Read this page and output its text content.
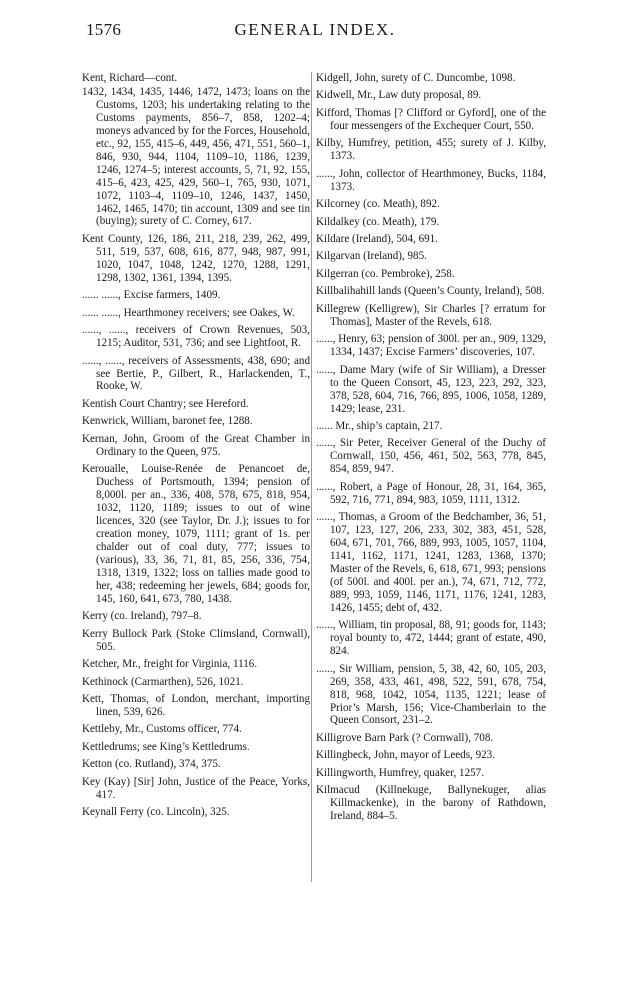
1576	GENERAL INDEX.

Kent, Richard—cont.

1432, 1434, 1435, 1446, 1472, 1473; loans on the Customs, 1203; his undertaking relating to the Customs payments, 856–7, 858, 1202–4; moneys advanced by for the Forces, Household, etc., 92, 155, 415–6, 449, 456, 471, 551, 560–1, 846, 930, 944, 1104, 1109–10, 1186, 1239, 1246, 1274–5; interest accounts, 5, 71, 92, 155, 415–6, 423, 425, 429, 560–1, 765, 930, 1071, 1072, 1103–4, 1109–10, 1246, 1437, 1450, 1462, 1465, 1470; tin account, 1309 and see tin (buying); surety of C. Corney, 617.

Kent County, 126, 186, 211, 218, 239, 262, 499, 511, 519, 537, 608, 616, 877, 948, 987, 991, 1020, 1047, 1048, 1242, 1270, 1288, 1291, 1298, 1302, 1361, 1394, 1395.

...... ......, Excise farmers, 1409.

...... ......, Hearthmoney receivers; see Oakes, W.

......, ......, receivers of Crown Revenues, 503, 1215; Auditor, 531, 736; and see Lightfoot, R.

......, ......, receivers of Assessments, 438, 690; and see Bertie, P., Gilbert, R., Harlackenden, T., Rooke, W.

Kentish Court Chantry; see Hereford.

Kenwrick, William, baronet fee, 1288.

Kernan, John, Groom of the Great Chamber in Ordinary to the Queen, 975.

Keroualle, Louise-Renée de Penancoet de, Duchess of Portsmouth, 1394; pension of 8,000l. per an., 336, 408, 578, 675, 818, 954, 1032, 1120, 1189; issues to out of wine licences, 320 (see Taylor, Dr. J.); issues to for creation money, 1079, 1111; grant of 1s. per chalder out of coal duty, 777; issues to (various), 33, 36, 71, 81, 85, 256, 336, 754, 1318, 1319, 1322; loss on tallies made good to her, 438; redeeming her jewels, 684; goods for, 145, 160, 641, 673, 780, 1438.

Kerry (co. Ireland), 797–8.

Kerry Bullock Park (Stoke Climsland, Cornwall), 505.

Ketcher, Mr., freight for Virginia, 1116.

Kethinock (Carmarthen), 526, 1021.

Kett, Thomas, of London, merchant, importing linen, 539, 626.

Kettleby, Mr., Customs officer, 774.

Kettledrums; see King’s Kettledrums.

Ketton (co. Rutland), 374, 375.

Key (Kay) [Sir] John, Justice of the Peace, Yorks, 417.

Keynall Ferry (co. Lincoln), 325.

Kidgell, John, surety of C. Duncombe, 1098.

Kidwell, Mr., Law duty proposal, 89.

Kifford, Thomas [? Clifford or Gyford], one of the four messengers of the Exchequer Court, 550.

Kilby, Humfrey, petition, 455; surety of J. Kilby, 1373.

......, John, collector of Hearthmoney, Bucks, 1184, 1373.

Kilcorney (co. Meath), 892.

Kildalkey (co. Meath), 179.

Kildare (Ireland), 504, 691.

Kilgarvan (Ireland), 985.

Kilgerran (co. Pembroke), 258.

Killbalihahill lands (Queen’s County, Ireland), 508.

Killegrew (Kelligrew), Sir Charles [? erratum for Thomas], Master of the Revels, 618.

......, Henry, 63; pension of 300l. per an., 909, 1329, 1334, 1437; Excise Farmers’ discoveries, 107.

......, Dame Mary (wife of Sir William), a Dresser to the Queen Consort, 45, 123, 223, 292, 323, 378, 528, 604, 716, 766, 895, 1006, 1058, 1289, 1429; lease, 231.

...... Mr., ship’s captain, 217.

......, Sir Peter, Receiver General of the Duchy of Cornwall, 150, 456, 461, 502, 563, 778, 845, 854, 859, 947.

......, Robert, a Page of Honour, 28, 31, 164, 365, 592, 716, 771, 894, 983, 1059, 1111, 1312.

......, Thomas, a Groom of the Bedchamber, 36, 51, 107, 123, 127, 206, 233, 302, 383, 451, 528, 604, 671, 701, 766, 889, 993, 1005, 1057, 1104, 1141, 1162, 1171, 1241, 1283, 1368, 1370; Master of the Revels, 6, 618, 671, 993; pensions (of 500l. and 400l. per an.), 74, 671, 712, 772, 889, 993, 1059, 1146, 1171, 1176, 1241, 1283, 1426, 1455; debt of, 432.

......, William, tin proposal, 88, 91; goods for, 1143; royal bounty to, 472, 1444; grant of estate, 490, 824.

......, Sir William, pension, 5, 38, 42, 60, 105, 203, 269, 358, 433, 461, 498, 522, 591, 678, 754, 818, 968, 1042, 1054, 1135, 1221; lease of Prior’s Marsh, 156; Vice-Chamberlain to the Queen Consort, 231–2.

Killigrove Barn Park (? Cornwall), 708.

Killingbeck, John, mayor of Leeds, 923.

Killingworth, Humfrey, quaker, 1257.

Kilmacud (Killnekuge, Ballynekuger, alias Killmackenke), in the barony of Rathdown, Ireland, 884–5.
